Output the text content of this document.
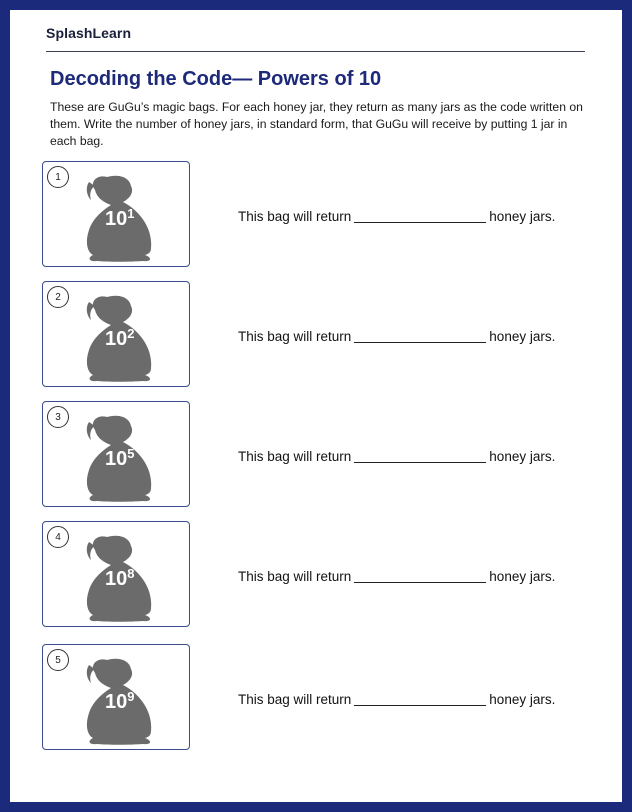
SplashLearn
Decoding the Code— Powers of 10
These are GuGu’s magic bags. For each honey jar, they return as many jars as the code written on them. Write the number of honey jars, in standard form, that GuGu will receive by putting 1 jar in each bag.
1
$10^1$	This bag will return	honey jars.
2
$10^2$	This bag will return	honey jars.
3
$10^5$	This bag will return	honey jars.
4
$10^8$	This bag will return	honey jars.
5
$10^9$	This bag will return	honey jars.
